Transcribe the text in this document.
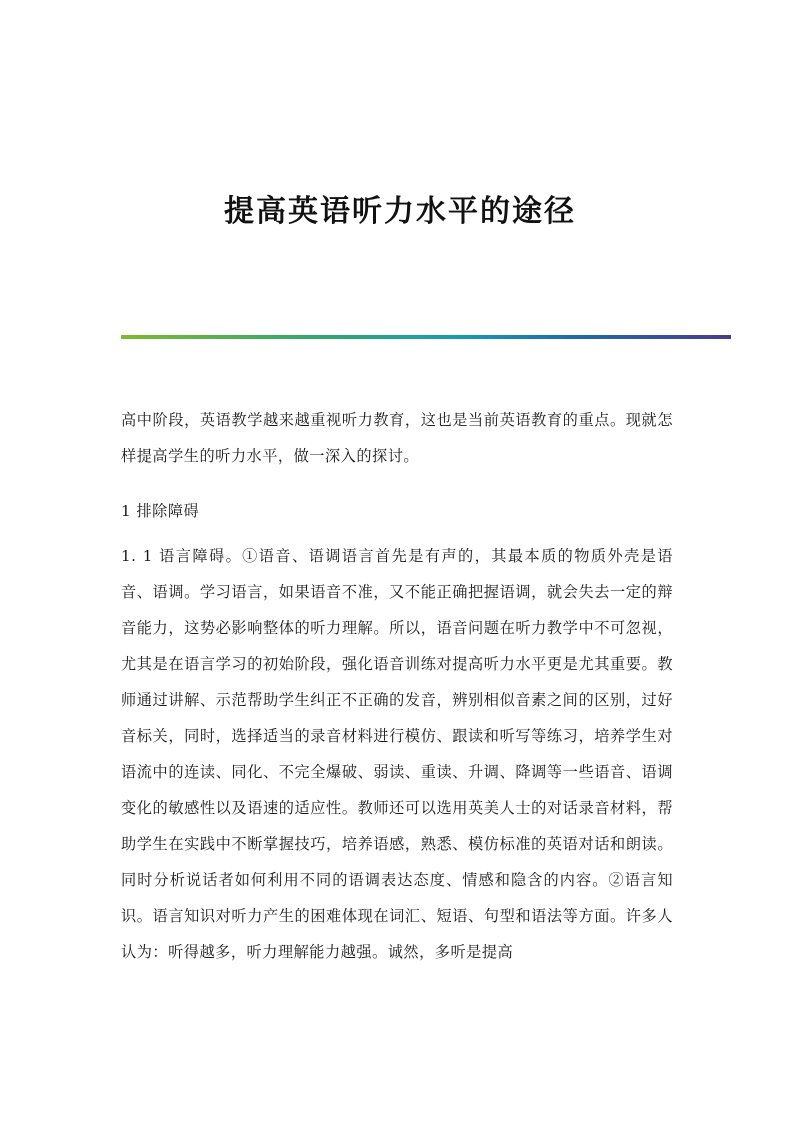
提高英语听力水平的途径

高中阶段，英语教学越来越重视听力教育，这也是当前英语教育的重点。现就怎样提高学生的听力水平，做一深入的探讨。

1 排除障碍

1. 1 语言障碍。①语音、语调语言首先是有声的，其最本质的物质外壳是语音、语调。学习语言，如果语音不准，又不能正确把握语调，就会失去一定的辩音能力，这势必影响整体的听力理解。所以，语音问题在听力教学中不可忽视，尤其是在语言学习的初始阶段，强化语音训练对提高听力水平更是尤其重要。教师通过讲解、示范帮助学生纠正不正确的发音，辨别相似音素之间的区别，过好音标关，同时，选择适当的录音材料进行模仿、跟读和听写等练习，培养学生对语流中的连读、同化、不完全爆破、弱读、重读、升调、降调等一些语音、语调变化的敏感性以及语速的适应性。教师还可以选用英美人士的对话录音材料，帮助学生在实践中不断掌握技巧，培养语感，熟悉、模仿标准的英语对话和朗读。同时分析说话者如何利用不同的语调表达态度、情感和隐含的内容。②语言知识。语言知识对听力产生的困难体现在词汇、短语、句型和语法等方面。许多人认为：听得越多，听力理解能力越强。诚然，多听是提高
